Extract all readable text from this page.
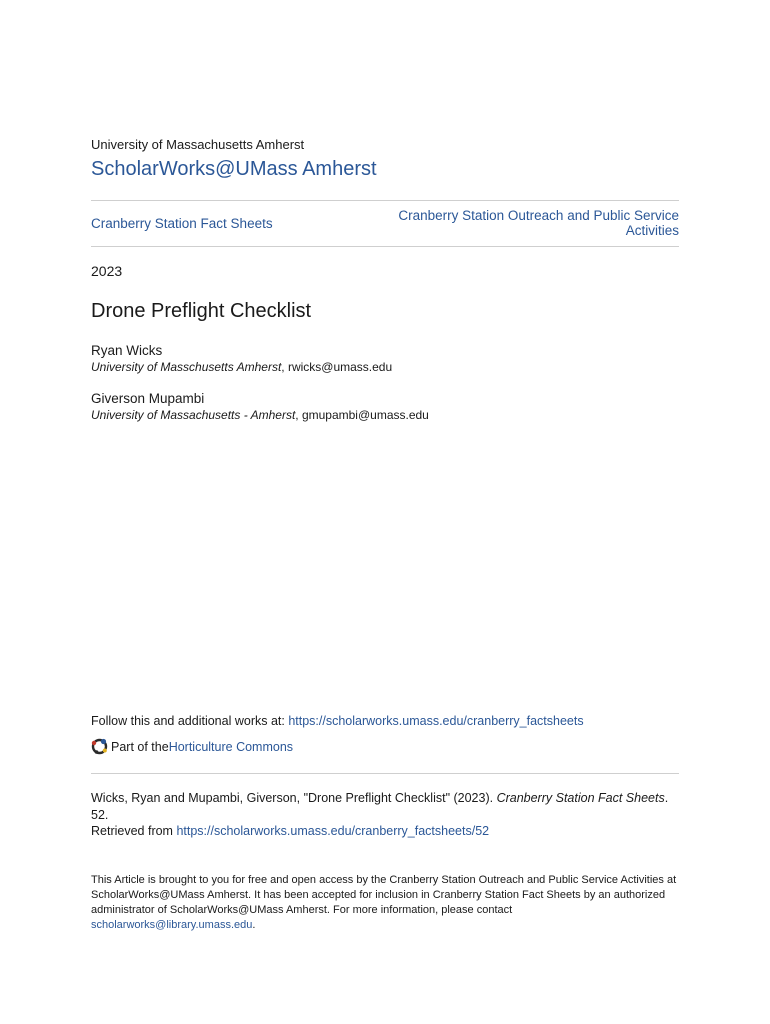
University of Massachusetts Amherst
ScholarWorks@UMass Amherst
Cranberry Station Fact Sheets
Cranberry Station Outreach and Public Service Activities
2023
Drone Preflight Checklist
Ryan Wicks
University of Masschusetts Amherst, rwicks@umass.edu
Giverson Mupambi
University of Massachusetts - Amherst, gmupambi@umass.edu
Follow this and additional works at: https://scholarworks.umass.edu/cranberry_factsheets
Part of the Horticulture Commons
Wicks, Ryan and Mupambi, Giverson, "Drone Preflight Checklist" (2023). Cranberry Station Fact Sheets. 52.
Retrieved from https://scholarworks.umass.edu/cranberry_factsheets/52
This Article is brought to you for free and open access by the Cranberry Station Outreach and Public Service Activities at ScholarWorks@UMass Amherst. It has been accepted for inclusion in Cranberry Station Fact Sheets by an authorized administrator of ScholarWorks@UMass Amherst. For more information, please contact scholarworks@library.umass.edu.
